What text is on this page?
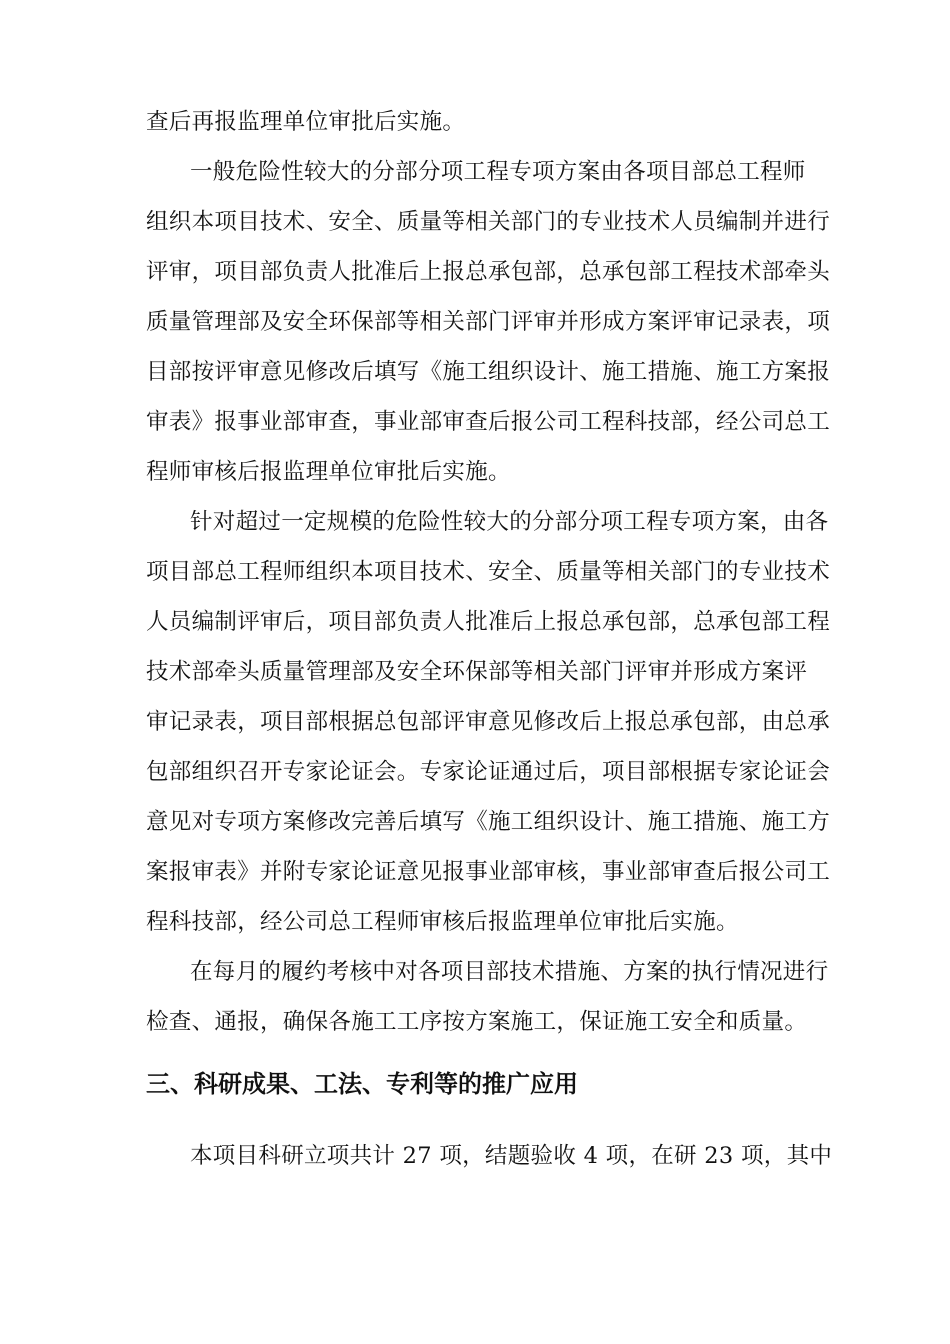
查后再报监理单位审批后实施。
一般危险性较大的分部分项工程专项方案由各项目部总工程师
组织本项目技术、安全、质量等相关部门的专业技术人员编制并进行
评审，项目部负责人批准后上报总承包部，总承包部工程技术部牵头
质量管理部及安全环保部等相关部门评审并形成方案评审记录表，项
目部按评审意见修改后填写《施工组织设计、施工措施、施工方案报
审表》报事业部审查，事业部审查后报公司工程科技部，经公司总工
程师审核后报监理单位审批后实施。
针对超过一定规模的危险性较大的分部分项工程专项方案，由各
项目部总工程师组织本项目技术、安全、质量等相关部门的专业技术
人员编制评审后，项目部负责人批准后上报总承包部，总承包部工程
技术部牵头质量管理部及安全环保部等相关部门评审并形成方案评
审记录表，项目部根据总包部评审意见修改后上报总承包部，由总承
包部组织召开专家论证会。专家论证通过后，项目部根据专家论证会
意见对专项方案修改完善后填写《施工组织设计、施工措施、施工方
案报审表》并附专家论证意见报事业部审核，事业部审查后报公司工
程科技部，经公司总工程师审核后报监理单位审批后实施。
在每月的履约考核中对各项目部技术措施、方案的执行情况进行
检查、通报，确保各施工工序按方案施工，保证施工安全和质量。
三、科研成果、工法、专利等的推广应用
本项目科研立项共计 27 项，结题验收 4 项，在研 23 项，其中
